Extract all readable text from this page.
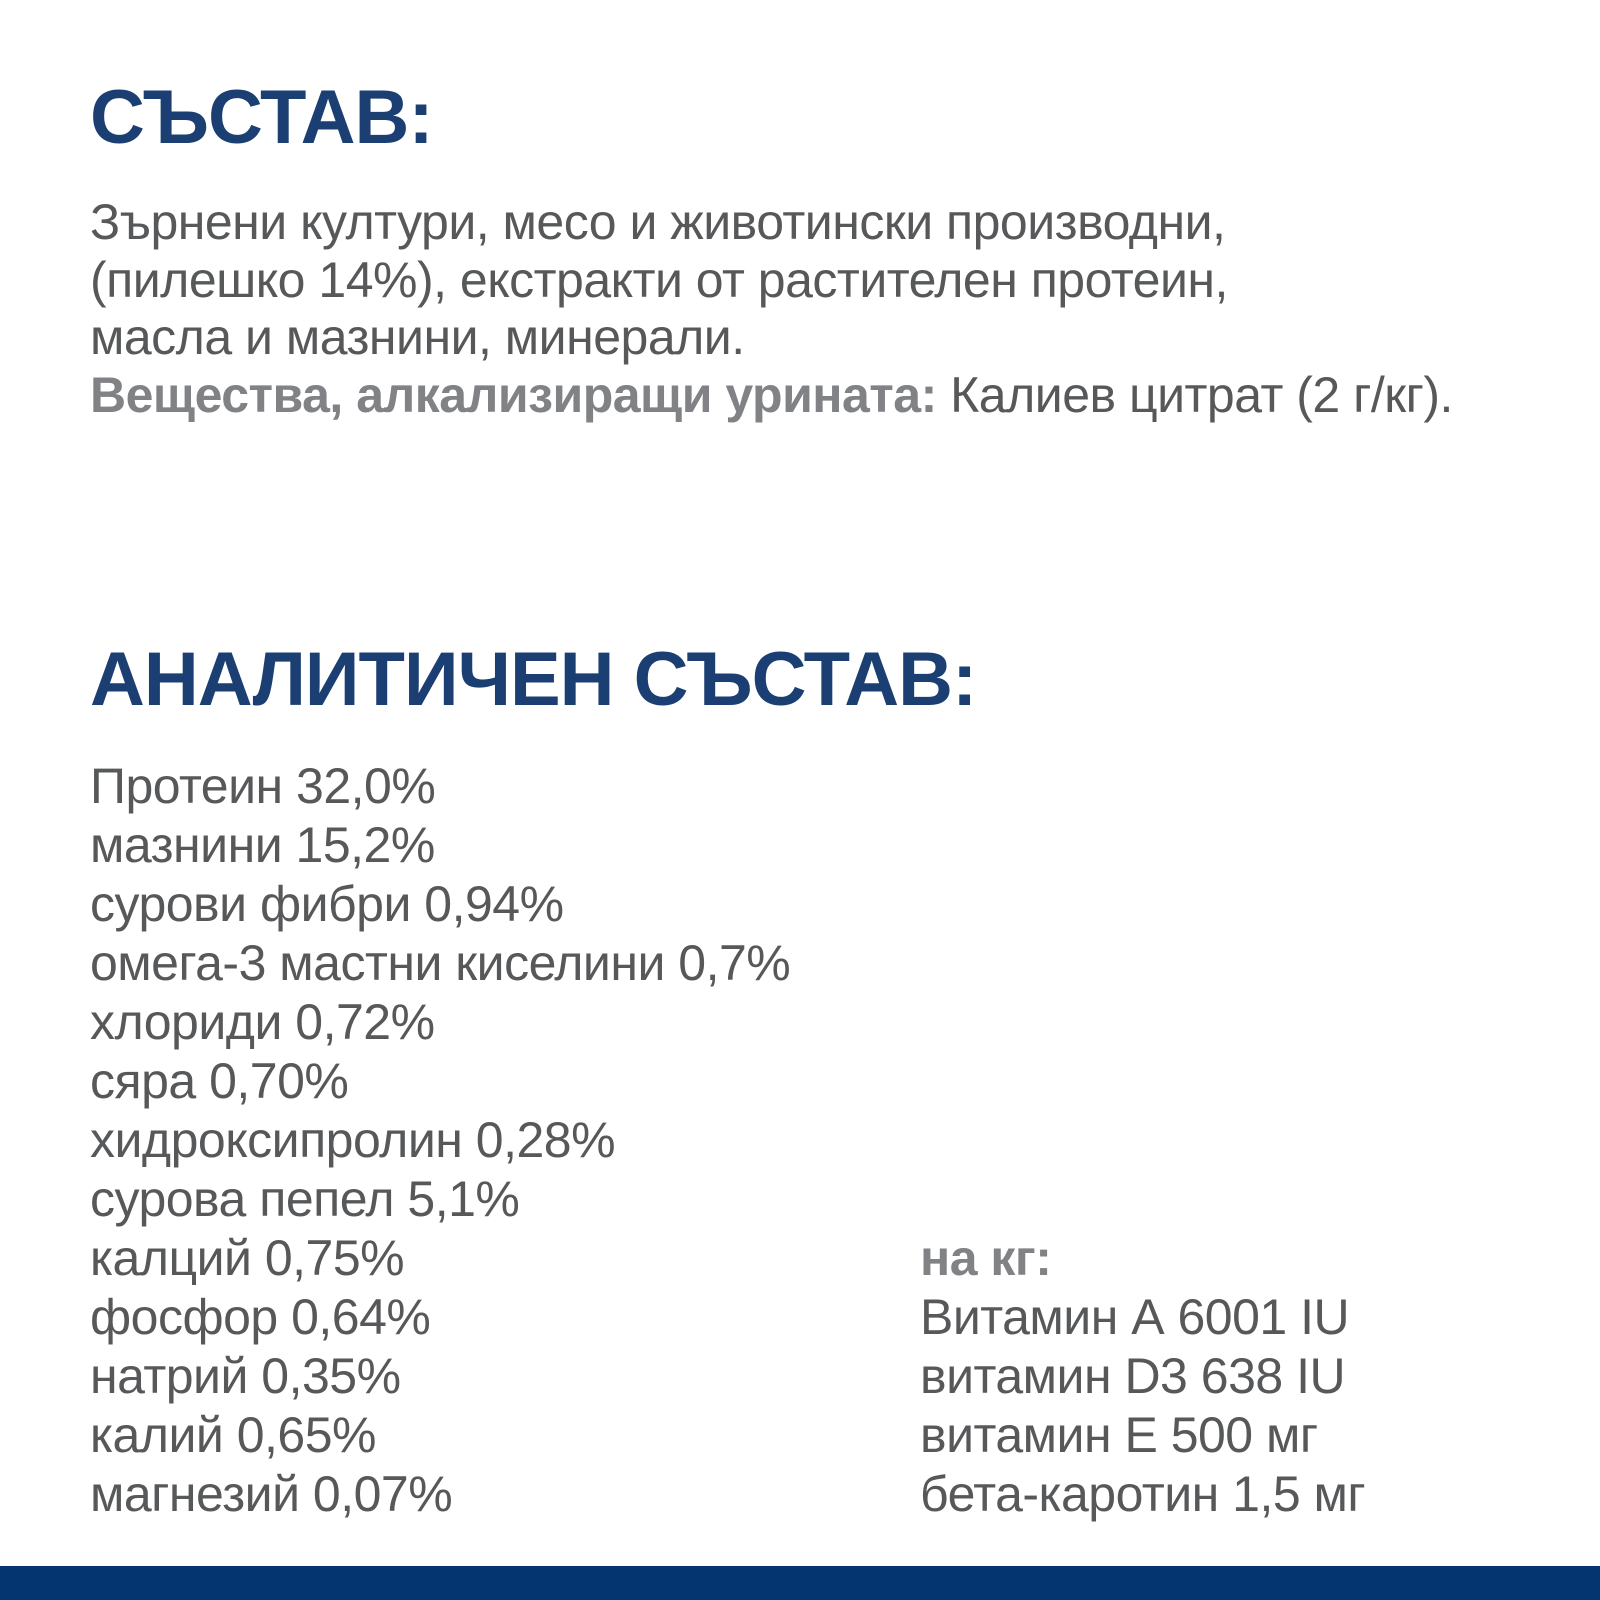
СЪСТАВ:
Зърнени култури, месо и животински производни,
(пилешко 14%), екстракти от растителен протеин,
масла и мазнини, минерали.
Вещества, алкализиращи урината: Калиев цитрат (2 г/кг).
АНАЛИТИЧЕН СЪСТАВ:
Протеин 32,0%
мазнини 15,2%
сурови фибри 0,94%
омега-3 мастни киселини 0,7%
хлориди 0,72%
сяра 0,70%
хидроксипролин 0,28%
сурова пепел 5,1%
калций 0,75%
фосфор 0,64%
натрий 0,35%
калий 0,65%
магнезий 0,07%
на кг:
Витамин А 6001 IU
витамин D3 638 IU
витамин Е 500 мг
бета-каротин 1,5 мг
